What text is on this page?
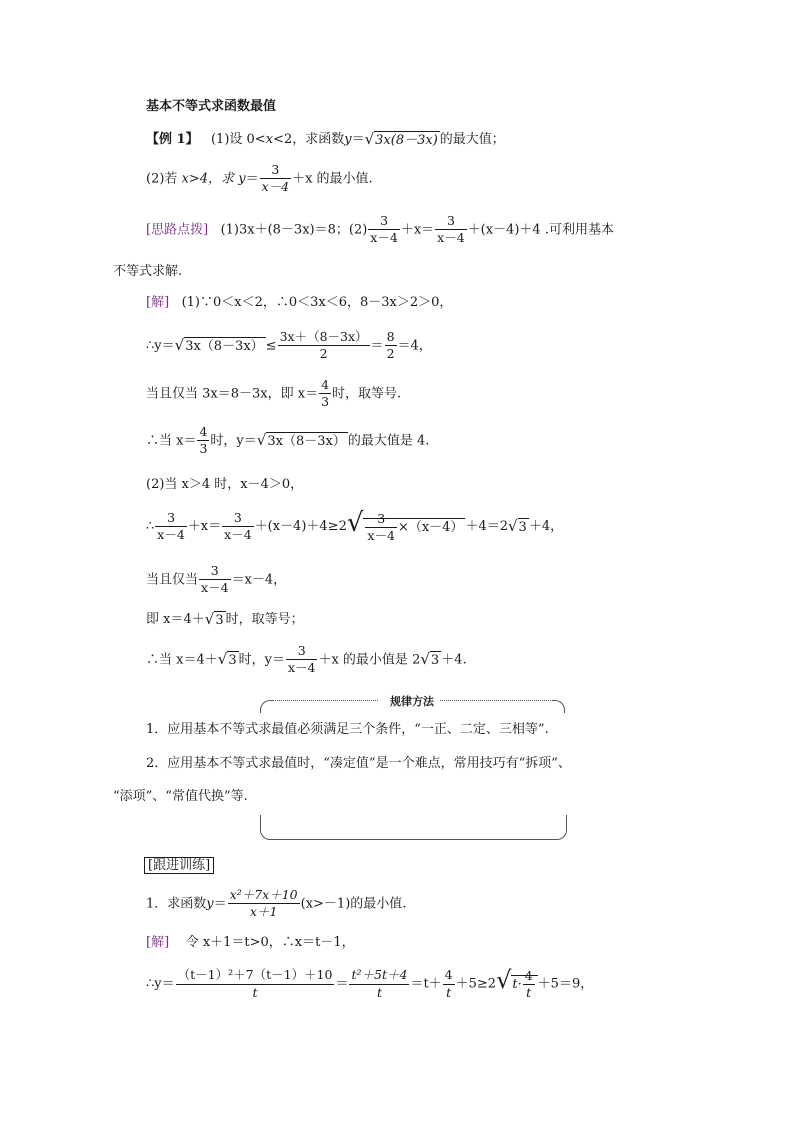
基本不等式求函数最值
【例 1】 (1)设 0<x<2，求函数y＝√3x(8－3x) 的最大值；
(2)若 x>4，求 $y= \frac{3}{x-4} +x$ 的最小值.
[思路点拨] (1)3x＋(8－3x)＝8；$(2) \frac{3}{x-4} +x= \frac{3}{x-4} +(x-4)+4$ .可利用基本
不等式求解.
[解] (1)∵0＜x＜2，∴0＜3x＜6，8－3x＞2＞0，
∴y＝√3x（8－3x） ≤ $\frac{3x+(8-3x)}{2} = \frac{8}{2} =4$，
当且仅当 3x＝8－3x，即 $x= \frac{4}{3}$ 时，取等号.
∴当 $x= \frac{4}{3}$ 时，y＝√3x（8－3x） 的最大值是 4.
(2)当 x＞4 时，x－4＞0，
∴ $\frac{3}{x-4} +x= \frac{3}{x-4} +(x-4)+4\ge 2√ \frac{3}{x-4} \times(x-4) +4=2√3 +4$，
当且仅当 $\frac{3}{x-4} =x-4$，
即 x＝4＋√3 时，取等号；
∴当 x＝4＋√3 时，$y= \frac{3}{x-4} +x$ 的最小值是 2√3 ＋4.
规律方法
1．应用基本不等式求最值必须满足三个条件，“一正、二定、三相等”.
2．应用基本不等式求最值时，“凑定值”是一个难点，常用技巧有“拆项”、
“添项”、“常值代换”等.
[跟进训练]
1．求函数$y= \frac{\text{x²＋7x＋10}}{x+1} (x>-1)$的最小值.
[解] 令 x＋1＝t>0，∴x＝t－1，
∴y＝ $\frac{\text{（t－1）²＋7（t－1）＋10}}{t} = \frac{\text{t²＋5t＋4}}{t} =t+ \frac{4}{t} +5\ge 2√t\cdot \frac{4}{t} +5=9$，
